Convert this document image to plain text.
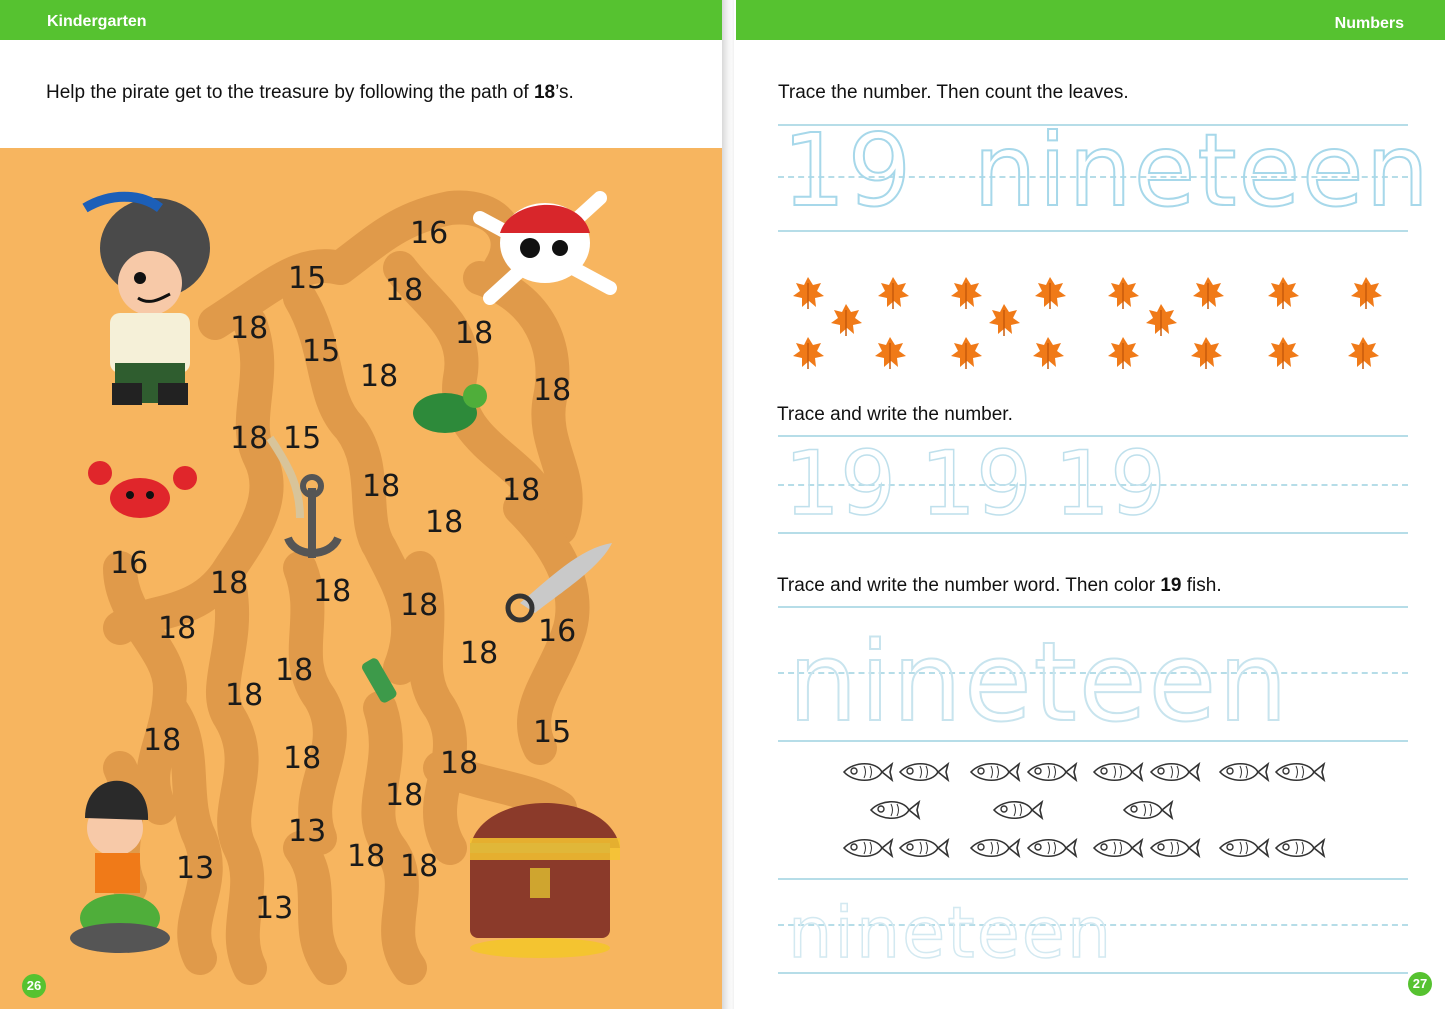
Kindergarten
Help the pirate get to the treasure by following the path of 18’s.
16
15 18
18
15
18
18	18
18 15
18	18
18
16
18 18 18
18	16
18	18
18
15
18
18	18
18
13
13	18 18
13
26
Numbers
Trace the number. Then count the leaves.
19 nineteen
Trace and write the number.
19 19 19
Trace and write the number word. Then color 19 fish.
nineteen
nineteen
27
